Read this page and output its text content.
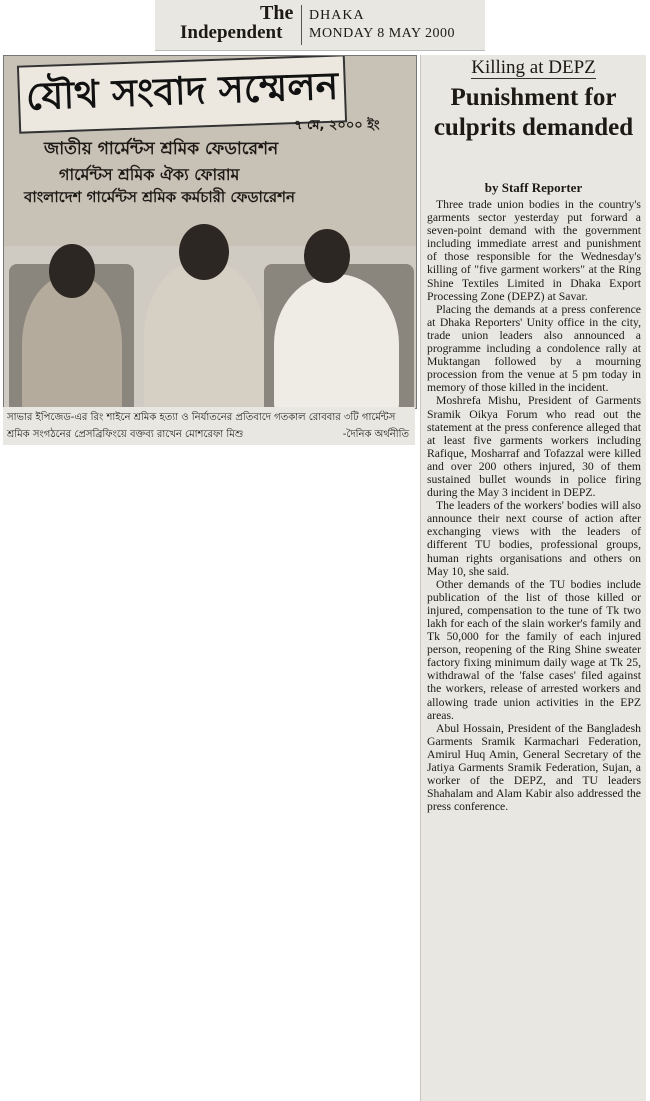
The
Independent
DHAKA
MONDAY 8 MAY 2000
যৌথ সংবাদ সম্মেলন
৭ মে, ২০০০ ইং
জাতীয় গার্মেন্টস শ্রমিক ফেডারেশন
গার্মেন্টস শ্রমিক ঐক্য ফোরাম
বাংলাদেশ গার্মেন্টস শ্রমিক কর্মচারী ফেডারেশন
সাভার ইপিজেড-এর রিং শাইনে শ্রমিক হত্যা ও নির্যাতনের প্রতিবাদে গতকাল রোববার ৩টি গার্মেন্টস
শ্রমিক সংগঠনের প্রেসব্রিফিংয়ে বক্তব্য রাখেন মোশরেফা মিশু	-দৈনিক অর্থনীতি
Killing at DEPZ
Punishment for culprits demanded
by Staff Reporter

Three trade union bodies in the country's garments sector yesterday put forward a seven-point demand with the government including immediate arrest and punishment of those responsible for the Wednesday's killing of "five garment workers" at the Ring Shine Textiles Limited in Dhaka Export Processing Zone (DEPZ) at Savar.

Placing the demands at a press conference at Dhaka Reporters' Unity office in the city, trade union leaders also announced a programme including a condolence rally at Muktangan followed by a mourning procession from the venue at 5 pm today in memory of those killed in the incident.

Moshrefa Mishu, President of Garments Sramik Oikya Forum who read out the statement at the press conference alleged that at least five garments workers including Rafique, Mosharraf and Tofazzal were killed and over 200 others injured, 30 of them sustained bullet wounds in police firing during the May 3 incident in DEPZ.

The leaders of the workers' bodies will also announce their next course of action after exchanging views with the leaders of different TU bodies, professional groups, human rights organisations and others on May 10, she said.

Other demands of the TU bodies include publication of the list of those killed or injured, compensation to the tune of Tk two lakh for each of the slain worker's family and Tk 50,000 for the family of each injured person, reopening of the Ring Shine sweater factory fixing minimum daily wage at Tk 25, withdrawal of the 'false cases' filed against the workers, release of arrested workers and allowing trade union activities in the EPZ areas.

Abul Hossain, President of the Bangladesh Garments Sramik Karmachari Federation, Amirul Huq Amin, General Secretary of the Jatiya Garments Sramik Federation, Sujan, a worker of the DEPZ, and TU leaders Shahalam and Alam Kabir also addressed the press conference.
